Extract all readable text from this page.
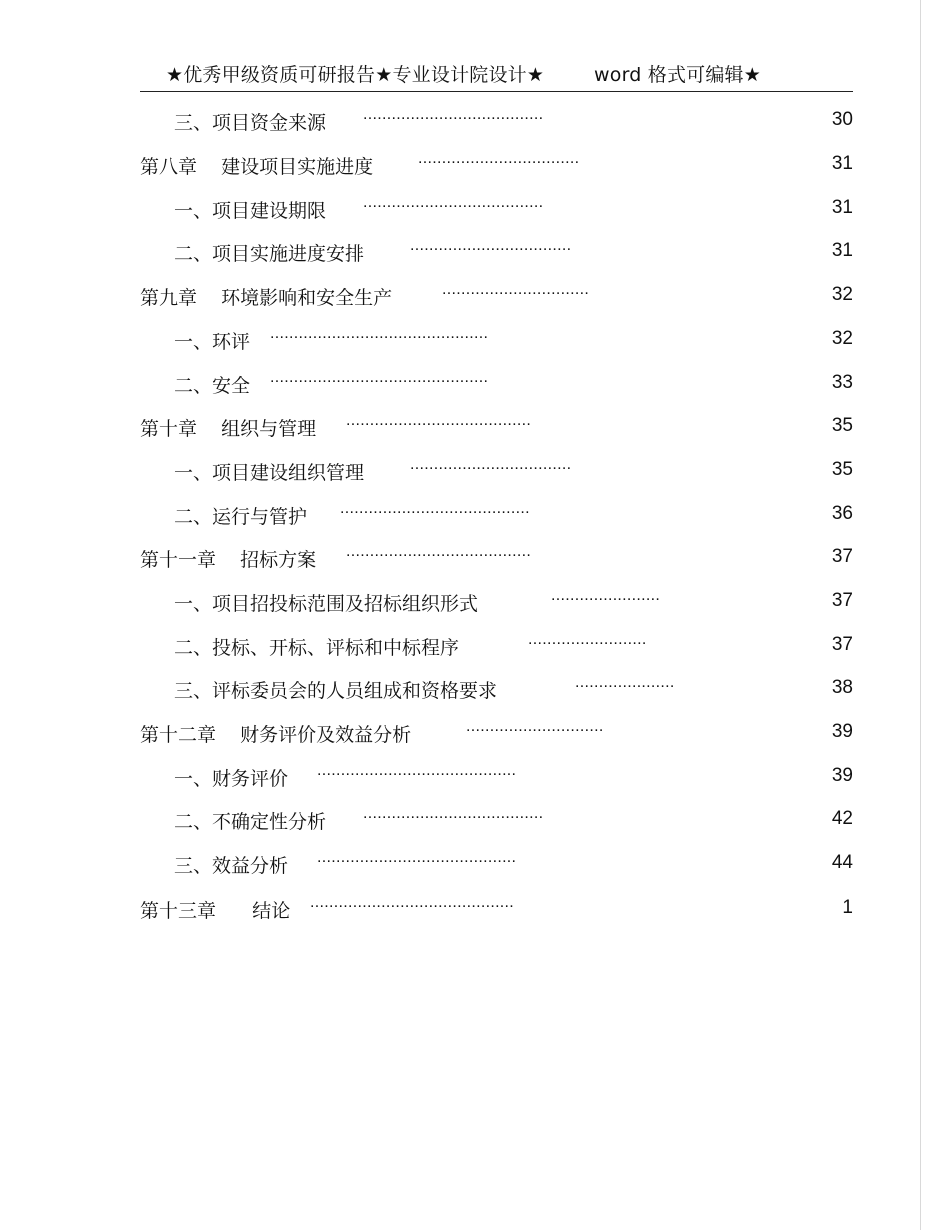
★优秀甲级资质可研报告★专业设计院设计★        word 格式可编辑★
三、项目资金来源 ......................................	30
第八章    建设项目实施进度	..................................	31
一、项目建设期限 ......................................	31
二、项目实施进度安排	..................................	31
第九章    环境影响和安全生产	...............................	32
一、环评 ..............................................	32
二、安全 ..............................................	33
第十章    组织与管理 .......................................	35
一、项目建设组织管理	..................................	35
二、运行与管护 ........................................	36
第十一章    招标方案 .......................................	37
一、项目招投标范围及招标组织形式	.......................	37
二、投标、开标、评标和中标程序	.........................	37
三、评标委员会的人员组成和资格要求	.....................	38
第十二章    财务评价及效益分析	.............................	39
一、财务评价 ..........................................	39
二、不确定性分析 ......................................	42
三、效益分析 ..........................................	44
第十三章      结论 ...........................................	1
